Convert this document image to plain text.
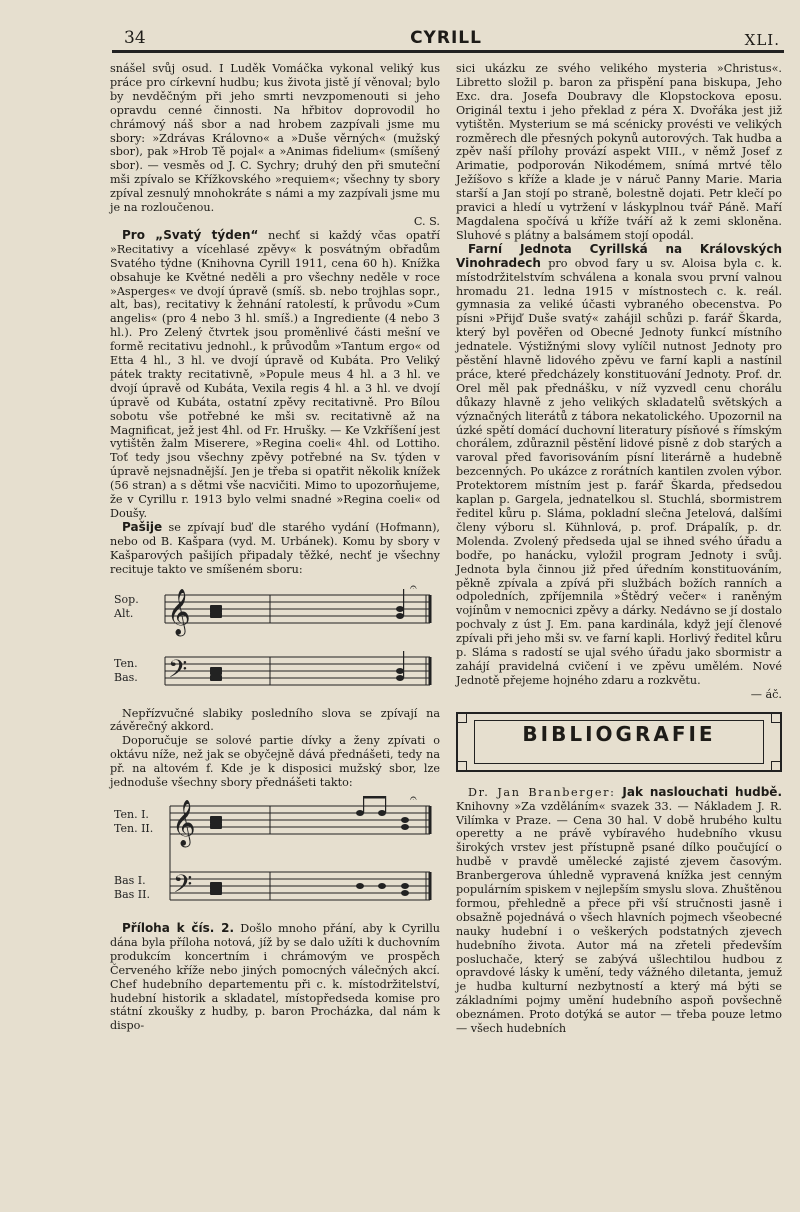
34	CYRILL	XLI.

snášel svůj osud. I Luděk Vomáčka vykonal veliký kus práce pro církevní hudbu; kus života jistě jí věnoval; bylo by nevděčným při jeho smrti nevzpomenouti si jeho opravdu cenné činnosti. Na hřbitov doprovodil ho chrámový náš sbor a nad hrobem zazpívali jsme mu sbory: »Zdrávas Královno« a »Duše věrných« (mužský sbor), pak »Hrob Tě pojal« a »Animas fidelium« (smíšený sbor). — vesměs od J. C. Sychry; druhý den při smuteční mši zpívalo se Křížkovského »requiem«; všechny ty sbory zpíval zesnulý mnohokráte s námi a my zazpívali jsme mu je na rozloučenou.

C. S.

Pro „Svatý týden“ nechť si každý včas opatří »Recitativy a vícehlasé zpěvy« k posvátným obřadům Svatého týdne (Knihovna Cyrill 1911, cena 60 h). Knížka obsahuje ke Květné neděli a pro všechny neděle v roce »Asperges« ve dvojí úpravě (smíš. sb. nebo trojhlas sopr., alt, bas), recitativy k žehnání ratolestí, k průvodu »Cum angelis« (pro 4 nebo 3 hl. smíš.) a Ingrediente (4 nebo 3 hl.). Pro Zelený čtvrtek jsou proměnlivé části mešní ve formě recitativu jednohl., k průvodům »Tantum ergo« od Etta 4 hl., 3 hl. ve dvojí úpravě od Kubáta. Pro Veliký pátek trakty recitativně, »Popule meus 4 hl. a 3 hl. ve dvojí úpravě od Kubáta, Vexila regis 4 hl. a 3 hl. ve dvojí úpravě od Kubáta, ostatní zpěvy recitativně. Pro Bílou sobotu vše potřebné ke mši sv. recitativně až na Magnificat, jež jest 4hl. od Fr. Hrušky. — Ke Vzkříšení jest vytištěn žalm Miserere, »Regina coeli« 4hl. od Lottiho. Toť tedy jsou všechny zpěvy potřebné na Sv. týden v úpravě nejsnadnější. Jen je třeba si opatřit několik knížek (56 stran) a s dětmi vše nacvičiti. Mimo to upozorňujeme, že v Cyrillu r. 1913 bylo velmi snadné »Regina coeli« od Doušy.

Pašije se zpívají buď dle starého vydání (Hofmann), nebo od B. Kašpara (vyd. M. Urbánek). Komu by sbory v Kašparových pašijích připadaly těžké, nechť je všechny recituje takto ve smíšeném sboru:

Sop.
Alt.
Ten.
Bas.
𝄞
𝄢
𝄐

Nepřízvučné slabiky posledního slova se zpívají na závěrečný akkord.

Doporučuje se solové partie dívky a ženy zpívati o oktávu níže, než jak se obyčejně dává přednášeti, tedy na př. na altovém f. Kde je k disposici mužský sbor, lze jednoduše všechny sbory přednášeti takto:

Ten. I.
Ten. II.
Bas I.
Bas II.
𝄞
𝄢
𝄐

Příloha k čís. 2. Došlo mnoho přání, aby k Cyrillu dána byla příloha notová, jíž by se dalo užíti k duchovním produkcím koncertním i chrámovým ve prospěch Červeného kříže nebo jiných pomocných válečných akcí. Chef hudebního departementu při c. k. místodržitelství, hudební historik a skladatel, místopředseda komise pro státní zkoušky z hudby, p. baron Procházka, dal nám k dispo-

sici ukázku ze svého velikého mysteria »Christus«. Libretto složil p. baron za přispění pana biskupa, Jeho Exc. dra. Josefa Doubravy dle Klopstockova eposu. Originál textu i jeho překlad z péra X. Dvořáka jest již vytištěn. Mysterium se má scénicky provésti ve velikých rozměrech dle přesných pokynů autorových. Tak hudba a zpěv naší přílohy provází aspekt VIII., v němž Josef z Arimatie, podporován Nikodémem, snímá mrtvé tělo Ježíšovo s kříže a klade je v náruč Panny Marie. Maria starší a Jan stojí po straně, bolestně dojati. Petr klečí po pravici a hledí u vytržení v láskyplnou tvář Páně. Maří Magdalena spočívá u kříže tváří až k zemi skloněna. Sluhové s plátny a balsámem stojí opodál.

Farní Jednota Cyrillská na Královských Vinohradech pro obvod fary u sv. Aloisa byla c. k. místodržitelstvím schválena a konala svou první valnou hromadu 21. ledna 1915 v místnostech c. k. reál. gymnasia za veliké účasti vybraného obecenstva. Po písni »Přijď Duše svatý« zahájil schůzi p. farář Škarda, který byl pověřen od Obecné Jednoty funkcí místního jednatele. Výstižnými slovy vylíčil nutnost Jednoty pro pěstění hlavně lidového zpěvu ve farní kapli a nastínil práce, které předcházely konstituování Jednoty. Prof. dr. Orel měl pak přednášku, v níž vyzvedl cenu chorálu důkazy hlavně z jeho velikých skladatelů světských a význačných literátů z tábora nekatolického. Upozornil na úzké spětí domácí duchovní literatury písňové s římským chorálem, zdůraznil pěstění lidové písně z dob starých a varoval před favorisováním písní literárně a hudebně bezcenných. Po ukázce z rorátních kantilen zvolen výbor. Protektorem místním jest p. farář Škarda, předsedou kaplan p. Gargela, jednatelkou sl. Stuchlá, sbormistrem ředitel kůru p. Sláma, pokladní slečna Jetelová, dalšími členy výboru sl. Kühnlová, p. prof. Drápalík, p. dr. Molenda. Zvolený předseda ujal se ihned svého úřadu a bodře, po hanácku, vyložil program Jednoty i svůj. Jednota byla činnou již před úředním konstituováním, pěkně zpívala a zpívá při službách božích ranních a odpoledních, zpříjemnila »Štědrý večer« i raněným vojínům v nemocnici zpěvy a dárky. Nedávno se jí dostalo pochvaly z úst J. Em. pana kardinála, když její členové zpívali při jeho mši sv. ve farní kapli. Horlivý ředitel kůru p. Sláma s radostí se ujal svého úřadu jako sbormistr a zahájí pravidelná cvičení i ve zpěvu umělém. Nové Jednotě přejeme hojného zdaru a rozkvětu.

— áč.

BIBLIOGRAFIE

Dr. Jan Branberger: Jak naslouchati hudbě. Knihovny »Za vzděláním« svazek 33. — Nákladem J. R. Vilímka v Praze. — Cena 30 hal. V době hrubého kultu operetty a ne právě vybíravého hudebního vkusu širokých vrstev jest přístupně psané dílko poučující o hudbě v pravdě umělecké zajisté zjevem časovým. Branbergerova úhledně vypravená knížka jest cenným populárním spiskem v nejlepším smyslu slova. Zhuštěnou formou, přehledně a přece při vší stručnosti jasně i obsažně pojednává o všech hlavních pojmech všeobecné nauky hudební i o veškerých podstatných zjevech hudebního života. Autor má na zřeteli především posluchače, který se zabývá ušlechtilou hudbou z opravdové lásky k umění, tedy vážného diletanta, jemuž je hudba kulturní nezbytností a který má býti se základními pojmy umění hudebního aspoň povšechně obeznámen. Proto dotýká se autor — třeba pouze letmo — všech hudebních
